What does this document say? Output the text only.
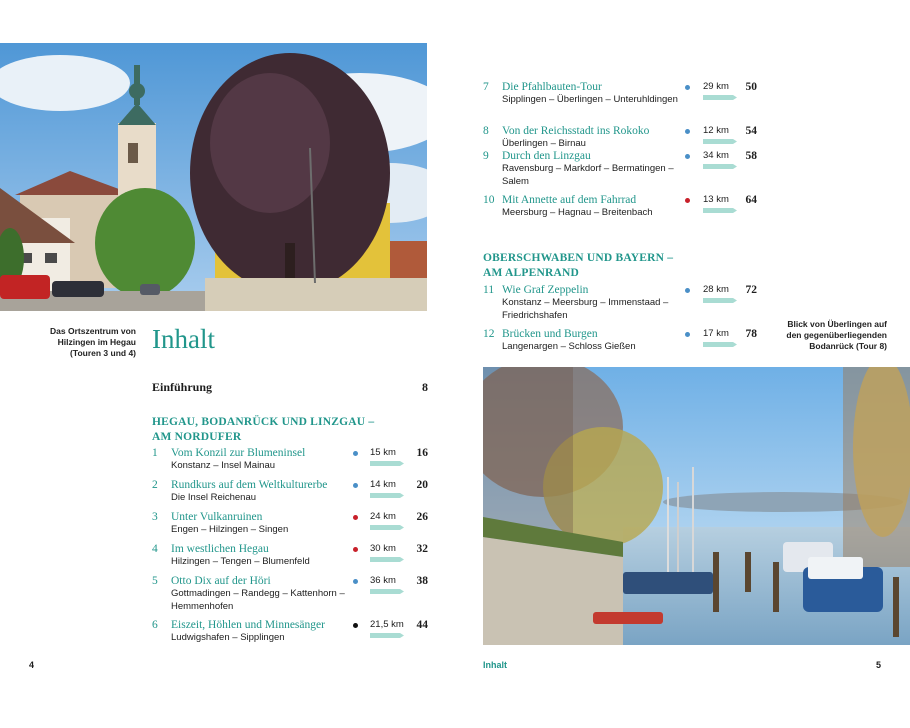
Das Ortszentrum von
Hilzingen im Hegau
(Touren 3 und 4) Inhalt
Einführung	8
HEGAU, BODANRÜCK UND LINZGAU –
AM NORDUFER
1 Vom Konzil zur Blumeninsel
Konstanz – Insel Mainau
15 km	16
2 Rundkurs auf dem Weltkulturerbe
Die Insel Reichenau
14 km	20
3 Unter Vulkanruinen
Engen – Hilzingen – Singen
24 km	26
4 Im westlichen Hegau
Hilzingen – Tengen – Blumenfeld
30 km	32
5 Otto Dix auf der Höri
Gottmadingen – Randegg – Kattenhorn – Hemmenhofen
36 km	38
6 Eiszeit, Höhlen und Minnesänger
Ludwigshafen – Sipplingen
21,5 km	44
7 Die Pfahlbauten-Tour
Sipplingen – Überlingen – Unteruhldingen
29 km	50
8 Von der Reichsstadt ins Rokoko
Überlingen – Birnau
12 km	54
9 Durch den Linzgau
Ravensburg – Markdorf – Bermatingen – Salem
34 km	58
10 Mit Annette auf dem Fahrrad
Meersburg – Hagnau – Breitenbach
13 km	64
11 Wie Graf Zeppelin
Konstanz – Meersburg – Immenstaad – Friedrichshafen
28 km	72
12 Brücken und Burgen
Langenargen – Schloss Gießen
17 km	78
OBERSCHWABEN UND BAYERN –
AM ALPENRAND
Blick von Überlingen auf
den gegenüberliegenden
Bodanrück (Tour 8)
4	Inhalt	5
